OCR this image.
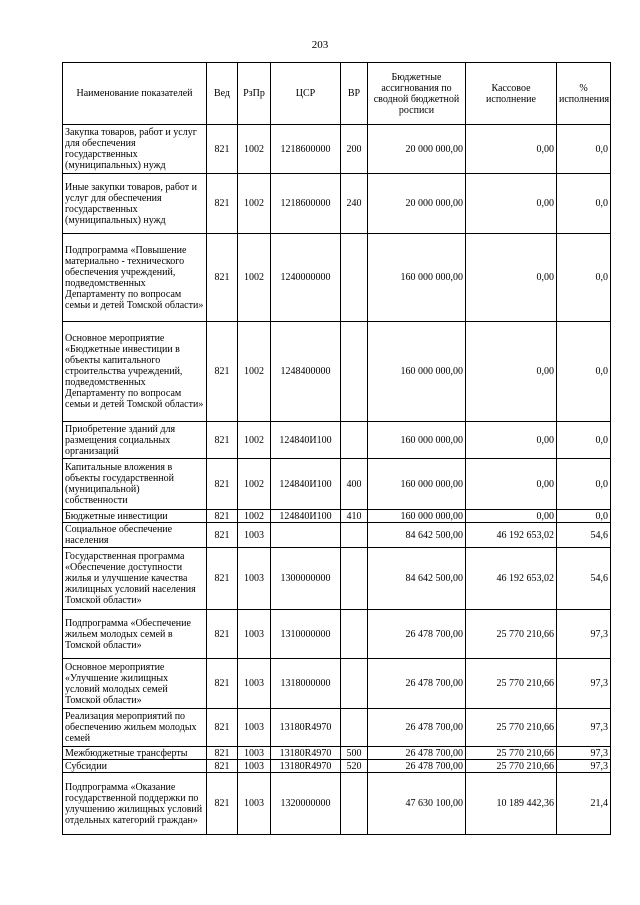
203
Наименование показателей	Вед	РзПр	ЦСР	ВР	Бюджетные ассигнования по сводной бюджетной росписи	Кассовое исполнение	% исполнения
Закупка товаров, работ и услуг для обеспечения государственных (муниципальных) нужд	821	1002	1218600000	200	20 000 000,00	0,00	0,0
Иные закупки товаров, работ и услуг для обеспечения государственных (муниципальных) нужд	821	1002	1218600000	240	20 000 000,00	0,00	0,0
Подпрограмма «Повышение материально - технического обеспечения учреждений, подведомственных Департаменту по вопросам семьи и детей Томской области»	821	1002	1240000000		160 000 000,00	0,00	0,0
Основное мероприятие «Бюджетные инвестиции в объекты капитального строительства учреждений, подведомственных Департаменту по вопросам семьи и детей Томской области»	821	1002	1248400000		160 000 000,00	0,00	0,0
Приобретение зданий для размещения социальных организаций	821	1002	124840И100		160 000 000,00	0,00	0,0
Капитальные вложения в объекты государственной (муниципальной) собственности	821	1002	124840И100	400	160 000 000,00	0,00	0,0
Бюджетные инвестиции	821	1002	124840И100	410	160 000 000,00	0,00	0,0
Социальное обеспечение населения	821	1003			84 642 500,00	46 192 653,02	54,6
Государственная программа «Обеспечение доступности жилья и улучшение качества жилищных условий населения Томской области»	821	1003	1300000000		84 642 500,00	46 192 653,02	54,6
Подпрограмма «Обеспечение жильем молодых семей в Томской области»	821	1003	1310000000		26 478 700,00	25 770 210,66	97,3
Основное мероприятие «Улучшение жилищных условий молодых семей Томской области»	821	1003	1318000000		26 478 700,00	25 770 210,66	97,3
Реализация мероприятий по обеспечению жильем молодых семей	821	1003	13180R4970		26 478 700,00	25 770 210,66	97,3
Межбюджетные трансферты	821	1003	13180R4970	500	26 478 700,00	25 770 210,66	97,3
Субсидии	821	1003	13180R4970	520	26 478 700,00	25 770 210,66	97,3
Подпрограмма «Оказание государственной поддержки по улучшению жилищных условий отдельных категорий граждан»	821	1003	1320000000		47 630 100,00	10 189 442,36	21,4
